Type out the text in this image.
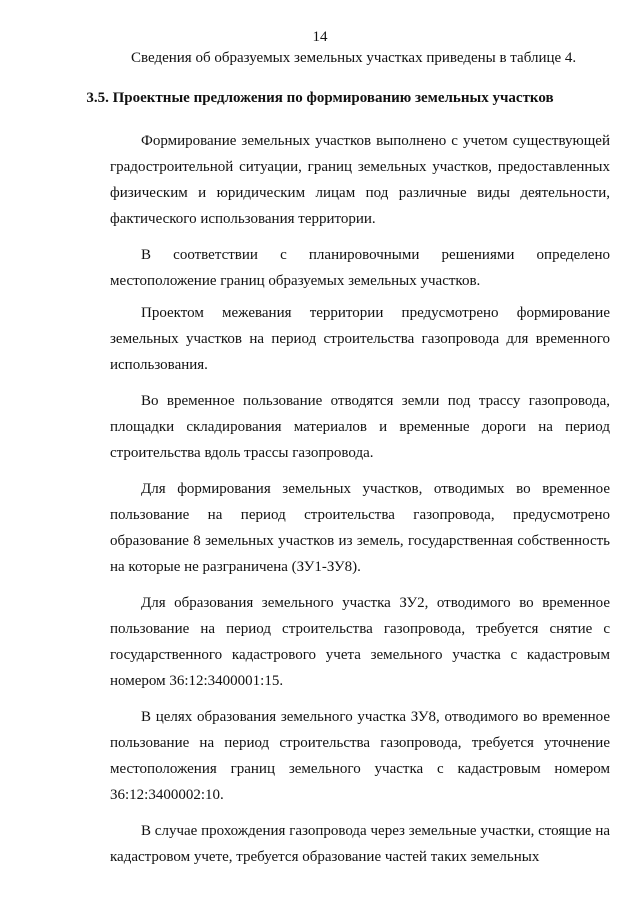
14
Сведения об образуемых земельных участках приведены в таблице 4.
3.5. Проектные предложения по формированию земельных участков

Формирование земельных участков выполнено с учетом существующей градостроительной ситуации, границ земельных участков, предоставленных физическим и юридическим лицам под различные виды деятельности, фактического использования территории.

В соответствии с планировочными решениями определено местоположение границ образуемых земельных участков.

Проектом межевания территории предусмотрено формирование земельных участков на период строительства газопровода для временного использования.

Во временное пользование отводятся земли под трассу газопровода, площадки складирования материалов и временные дороги на период строительства вдоль трассы газопровода.

Для формирования земельных участков, отводимых во временное пользование на период строительства газопровода, предусмотрено образование 8 земельных участков из земель, государственная собственность на которые не разграничена (ЗУ1-ЗУ8).

Для образования земельного участка ЗУ2, отводимого во временное пользование на период строительства газопровода, требуется снятие с государственного кадастрового учета земельного участка с кадастровым номером 36:12:3400001:15.

В целях образования земельного участка ЗУ8, отводимого во временное пользование на период строительства газопровода, требуется уточнение местоположения границ земельного участка с кадастровым номером 36:12:3400002:10.

В случае прохождения газопровода через земельные участки, стоящие на кадастровом учете, требуется образование частей таких земельных
